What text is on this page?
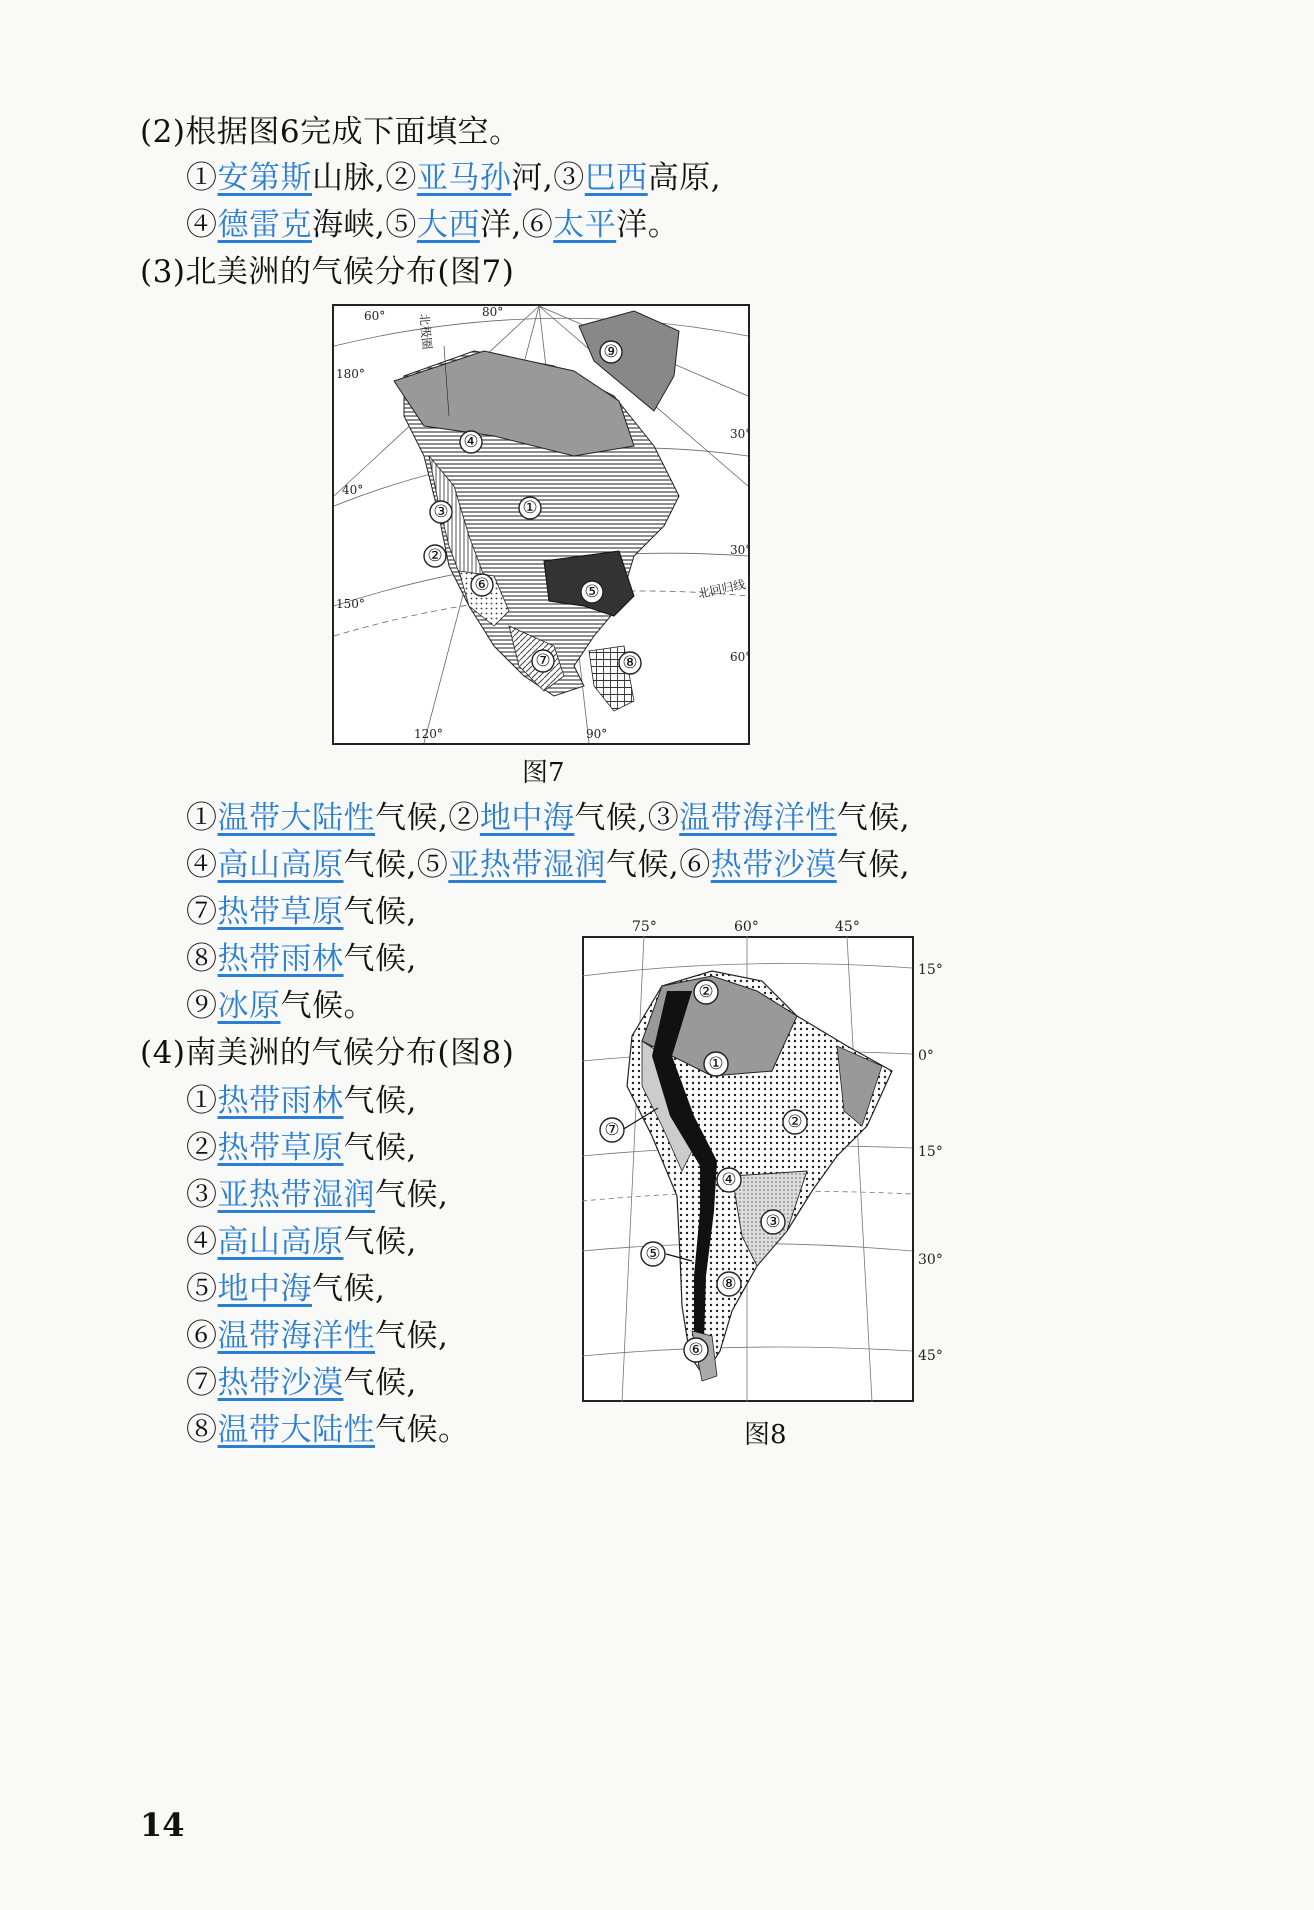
(2)根据图6完成下面填空。
①安第斯山脉,②亚马孙河,③巴西高原,
④德雷克海峡,⑤大西洋,⑥太平洋。
(3)北美洲的气候分布(图7)
60°	80°
180°
40°
150°
120°	90°
30°
30°
60°
北极圈
北回归线
①
②
③
④
⑤
⑥
⑦	⑧
⑨
图7
①温带大陆性气候,②地中海气候,③温带海洋性气候,
④高山高原气候,⑤亚热带湿润气候,⑥热带沙漠气候,
⑦热带草原气候,
⑧热带雨林气候,
⑨冰原气候。
(4)南美洲的气候分布(图8)
①热带雨林气候,
②热带草原气候,
③亚热带湿润气候,
④高山高原气候,
⑤地中海气候,
⑥温带海洋性气候,
⑦热带沙漠气候,
⑧温带大陆性气候。
75°	60°	45°
15°
0°
15°
30°
45°
①
②
②
③
④
⑤
⑥
⑦
⑧
图8
14
